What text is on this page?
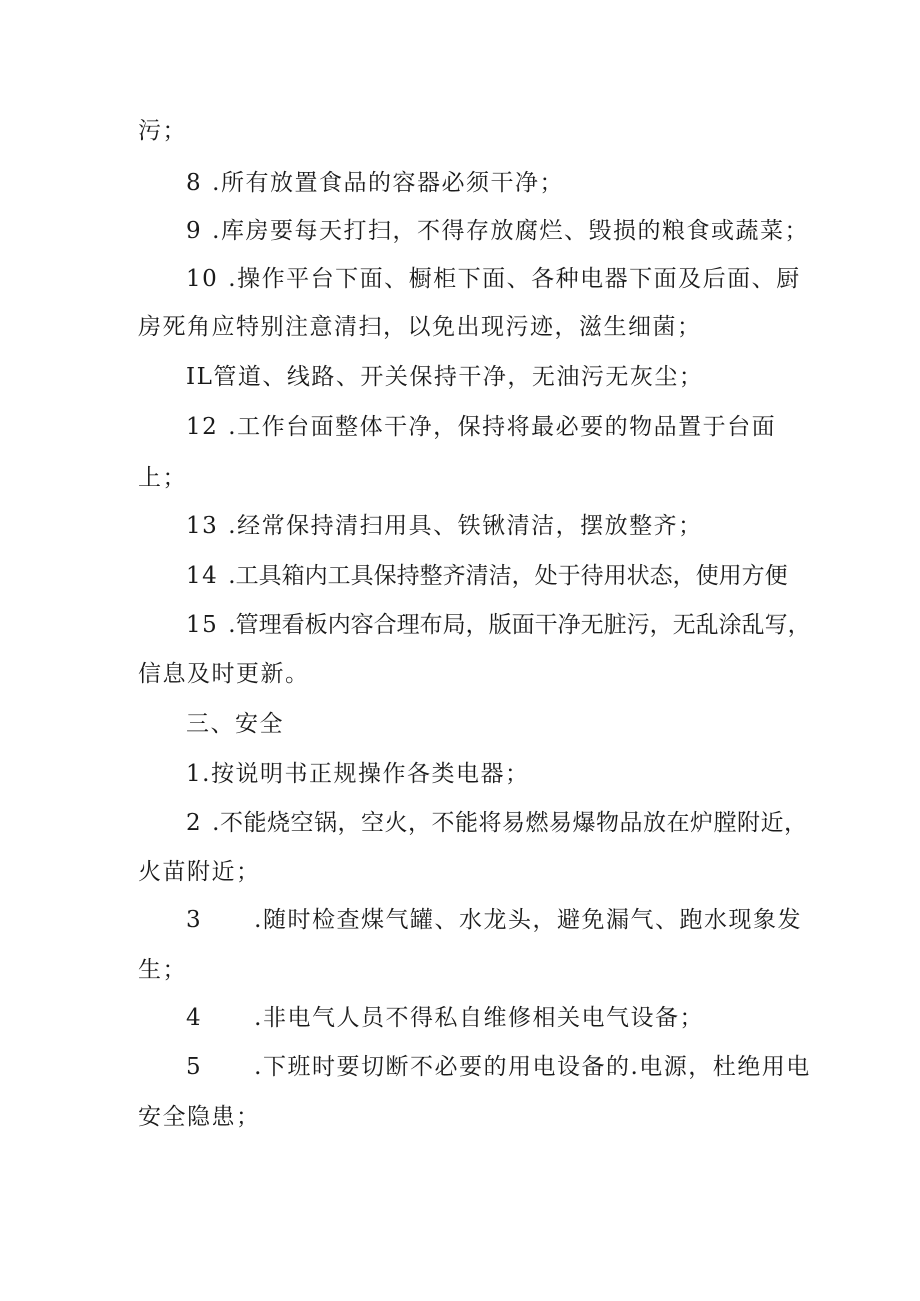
污；
8 .所有放置食品的容器必须干净；
9 .库房要每天打扫，不得存放腐烂、毁损的粮食或蔬菜；
10 .操作平台下面、橱柜下面、各种电器下面及后面、厨
房死角应特别注意清扫，以免出现污迹，滋生细菌；
IL管道、线路、开关保持干净，无油污无灰尘；
12 .工作台面整体干净，保持将最必要的物品置于台面
上；
13 .经常保持清扫用具、铁锹清洁，摆放整齐；
14 .工具箱内工具保持整齐清洁，处于待用状态，使用方便
15 .管理看板内容合理布局，版面干净无脏污，无乱涂乱写，
信息及时更新。
三、安全
1.按说明书正规操作各类电器；
2 .不能烧空锅，空火，不能将易燃易爆物品放在炉膛附近，
火苗附近；
3 .随时检查煤气罐、水龙头，避免漏气、跑水现象发
生；
4 .非电气人员不得私自维修相关电气设备；
5 .下班时要切断不必要的用电设备的.电源，杜绝用电
安全隐患；
